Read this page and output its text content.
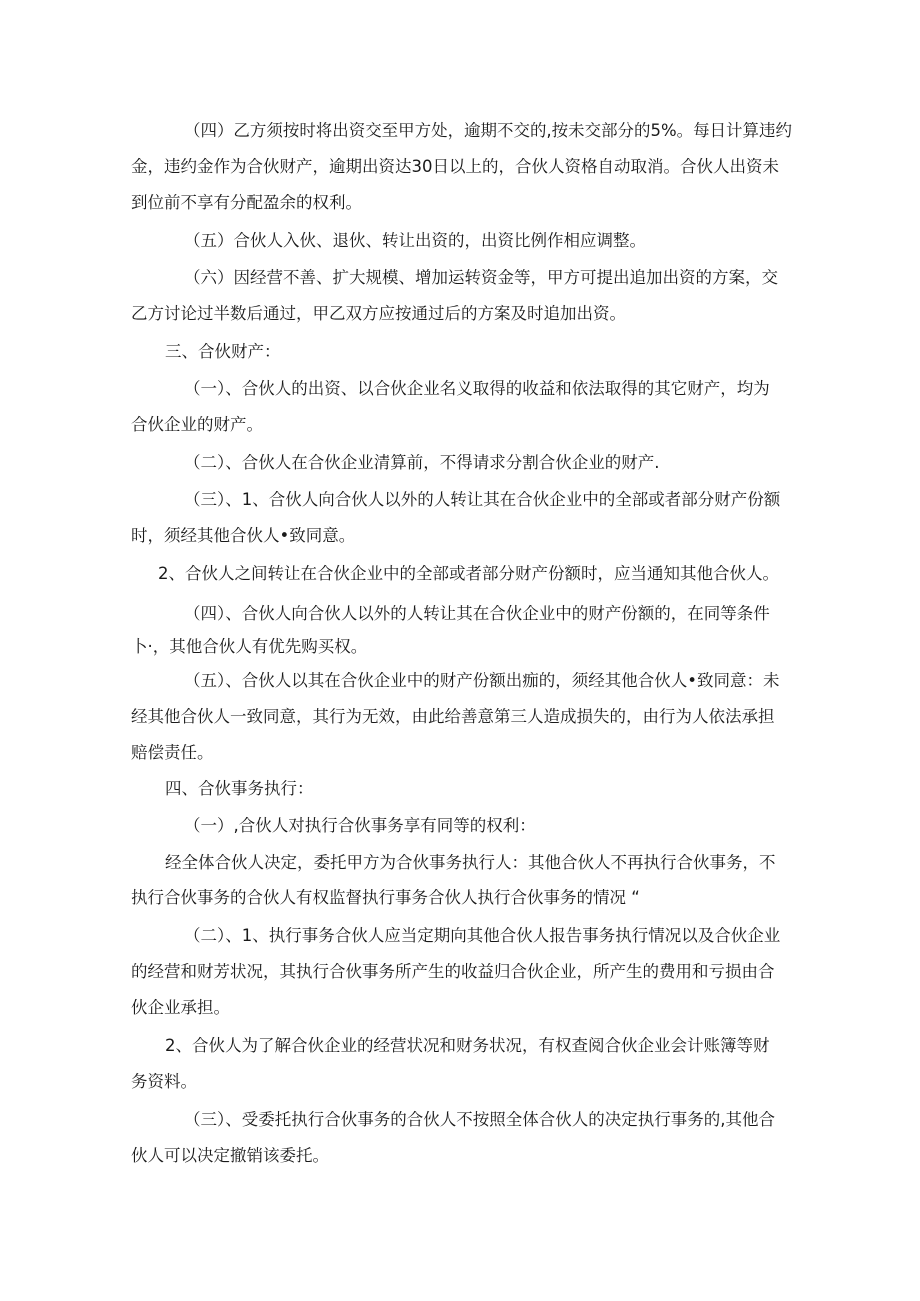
（四）乙方须按时将出资交至甲方处，逾期不交的,按未交部分的5%。每日计算违约
金，违约金作为合伙财产，逾期出资达30日以上的，合伙人资格自动取消。合伙人出资未
到位前不享有分配盈余的权利。
（五）合伙人入伙、退伙、转让出资的，出资比例作相应调整。
（六）因经营不善、扩大规模、增加运转资金等，甲方可提出追加出资的方案，交
乙方讨论过半数后通过，甲乙双方应按通过后的方案及时追加出资。
三、合伙财产：
（一）、合伙人的出资、以合伙企业名义取得的收益和依法取得的其它财产，均为
合伙企业的财产。
（二）、合伙人在合伙企业清算前，不得请求分割合伙企业的财产.
（三）、1、合伙人向合伙人以外的人转让其在合伙企业中的全部或者部分财产份额
时，须经其他合伙人•致同意。
2、合伙人之间转让在合伙企业中的全部或者部分财产份额时，应当通知其他合伙人。
（四）、合伙人向合伙人以外的人转让其在合伙企业中的财产份额的，在同等条件
卜·，其他合伙人有优先购买权。
（五）、合伙人以其在合伙企业中的财产份额出痂的，须经其他合伙人•致同意：未
经其他合伙人一致同意，其行为无效，由此给善意第三人造成损失的，由行为人依法承担
赔偿责任。
四、合伙事务执行：
（一）,合伙人对执行合伙事务享有同等的权利：
经全体合伙人决定，委托甲方为合伙事务执行人：其他合伙人不再执行合伙事务，不
执行合伙事务的合伙人有权监督执行事务合伙人执行合伙事务的情况 “
（二）、1、执行事务合伙人应当定期向其他合伙人报告事务执行情况以及合伙企业
的经营和财芳状况，其执行合伙事务所产生的收益归合伙企业，所产生的费用和亏损由合
伙企业承担。
2、合伙人为了解合伙企业的经营状况和财务状况，有权查阅合伙企业会计账簿等财
务资料。
（三）、受委托执行合伙事务的合伙人不按照全体合伙人的决定执行事务的,其他合
伙人可以决定撤销该委托。
